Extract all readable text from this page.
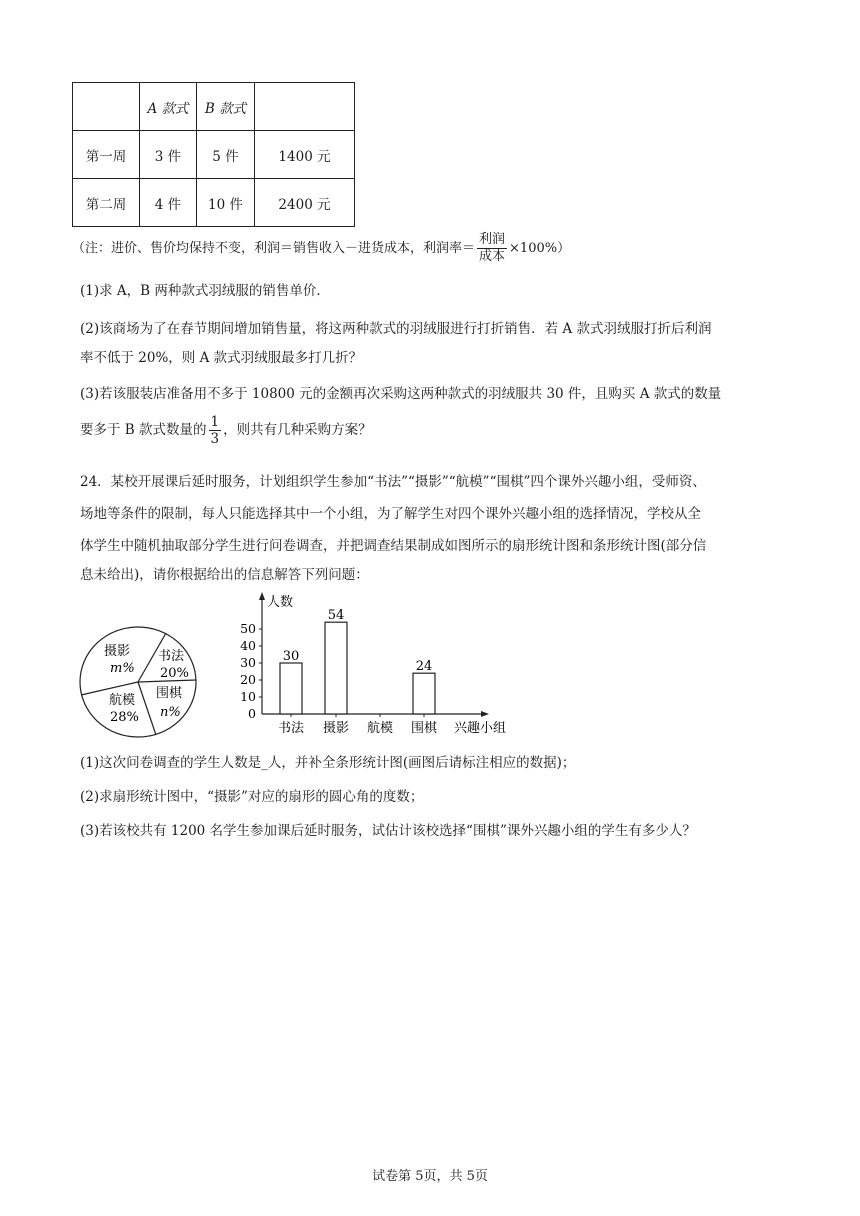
	A 款式	B 款式	
第一周	3 件	5 件	1400 元
第二周	4 件	10 件	2400 元
（注：进价、售价均保持不变，利润＝销售收入－进货成本，利润率＝ $\frac{\text{利润}}{\text{成本}} \times 100\%$）
(1)求 A，B 两种款式羽绒服的销售单价．
(2)该商场为了在春节期间增加销售量，将这两种款式的羽绒服进行打折销售．若 A 款式羽绒服打折后利润
率不低于 20%，则 A 款式羽绒服最多打几折？
(3)若该服装店准备用不多于 10800 元的金额再次采购这两种款式的羽绒服共 30 件，且购买 A 款式的数量
要多于 B 款式数量的 $\frac{1}{3}$ ，则共有几种采购方案？
24．某校开展课后延时服务，计划组织学生参加“书法”“摄影”“航模”“围棋”四个课外兴趣小组，受师资、
场地等条件的限制，每人只能选择其中一个小组，为了解学生对四个课外兴趣小组的选择情况，学校从全
体学生中随机抽取部分学生进行问卷调查，并把调查结果制成如图所示的扇形统计图和条形统计图(部分信
息未给出)，请你根据给出的信息解答下列问题：
摄影
m%
书法
20%
航模
28%
围棋
n%
人数
兴趣小组
0
10
20
30
40
50
书法
30
摄影
54
航模 围棋
24
(1)这次问卷调查的学生人数是_人，并补全条形统计图(画图后请标注相应的数据)；
(2)求扇形统计图中，“摄影”对应的扇形的圆心角的度数；
(3)若该校共有 1200 名学生参加课后延时服务，试估计该校选择“围棋”课外兴趣小组的学生有多少人？
试卷第 5页，共 5页
